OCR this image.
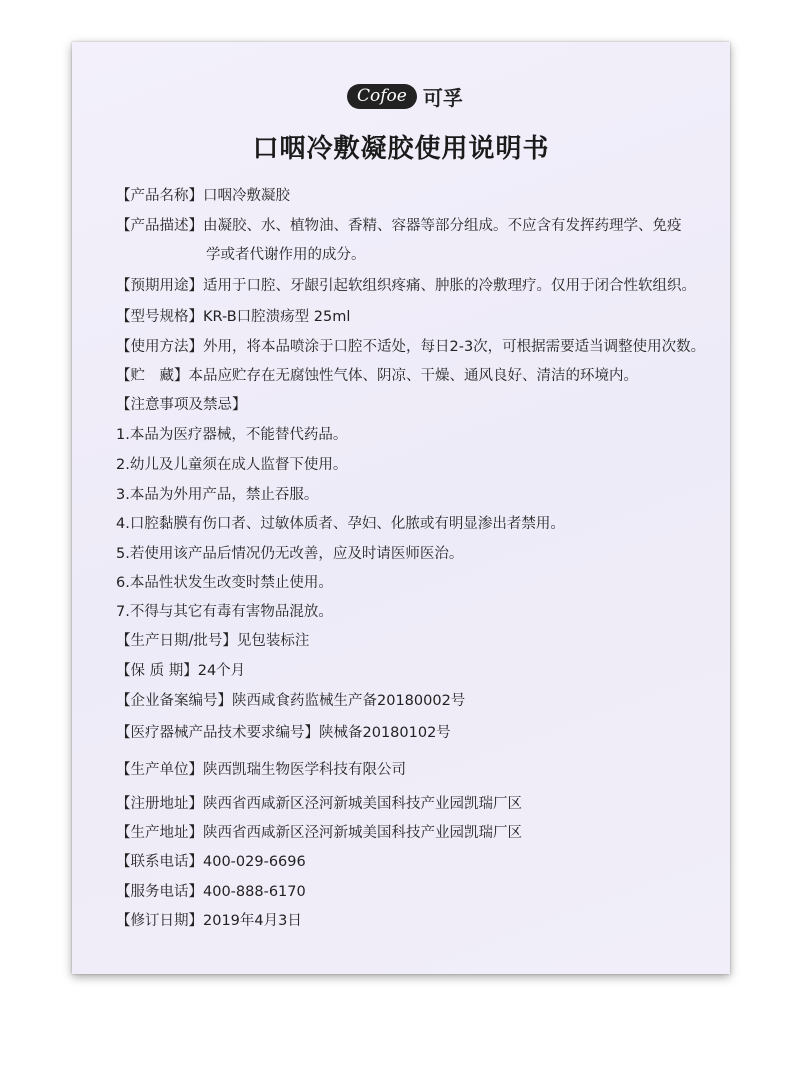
Cofoe 可孚
口咽冷敷凝胶使用说明书
【产品名称】口咽冷敷凝胶
【产品描述】由凝胶、水、植物油、香精、容器等部分组成。不应含有发挥药理学、免疫
学或者代谢作用的成分。
【预期用途】适用于口腔、牙龈引起软组织疼痛、肿胀的冷敷理疗。仅用于闭合性软组织。
【型号规格】KR-B口腔溃疡型 25ml
【使用方法】外用，将本品喷涂于口腔不适处，每日2-3次，可根据需要适当调整使用次数。
【贮　藏】本品应贮存在无腐蚀性气体、阴凉、干燥、通风良好、清洁的环境内。
【注意事项及禁忌】
1.本品为医疗器械，不能替代药品。
2.幼儿及儿童须在成人监督下使用。
3.本品为外用产品，禁止吞服。
4.口腔黏膜有伤口者、过敏体质者、孕妇、化脓或有明显渗出者禁用。
5.若使用该产品后情况仍无改善，应及时请医师医治。
6.本品性状发生改变时禁止使用。
7.不得与其它有毒有害物品混放。
【生产日期/批号】见包装标注
【保 质 期】24个月
【企业备案编号】陕西咸食药监械生产备20180002号
【医疗器械产品技术要求编号】陕械备20180102号
【生产单位】陕西凯瑞生物医学科技有限公司
【注册地址】陕西省西咸新区泾河新城美国科技产业园凯瑞厂区
【生产地址】陕西省西咸新区泾河新城美国科技产业园凯瑞厂区
【联系电话】400-029-6696
【服务电话】400-888-6170
【修订日期】2019年4月3日
